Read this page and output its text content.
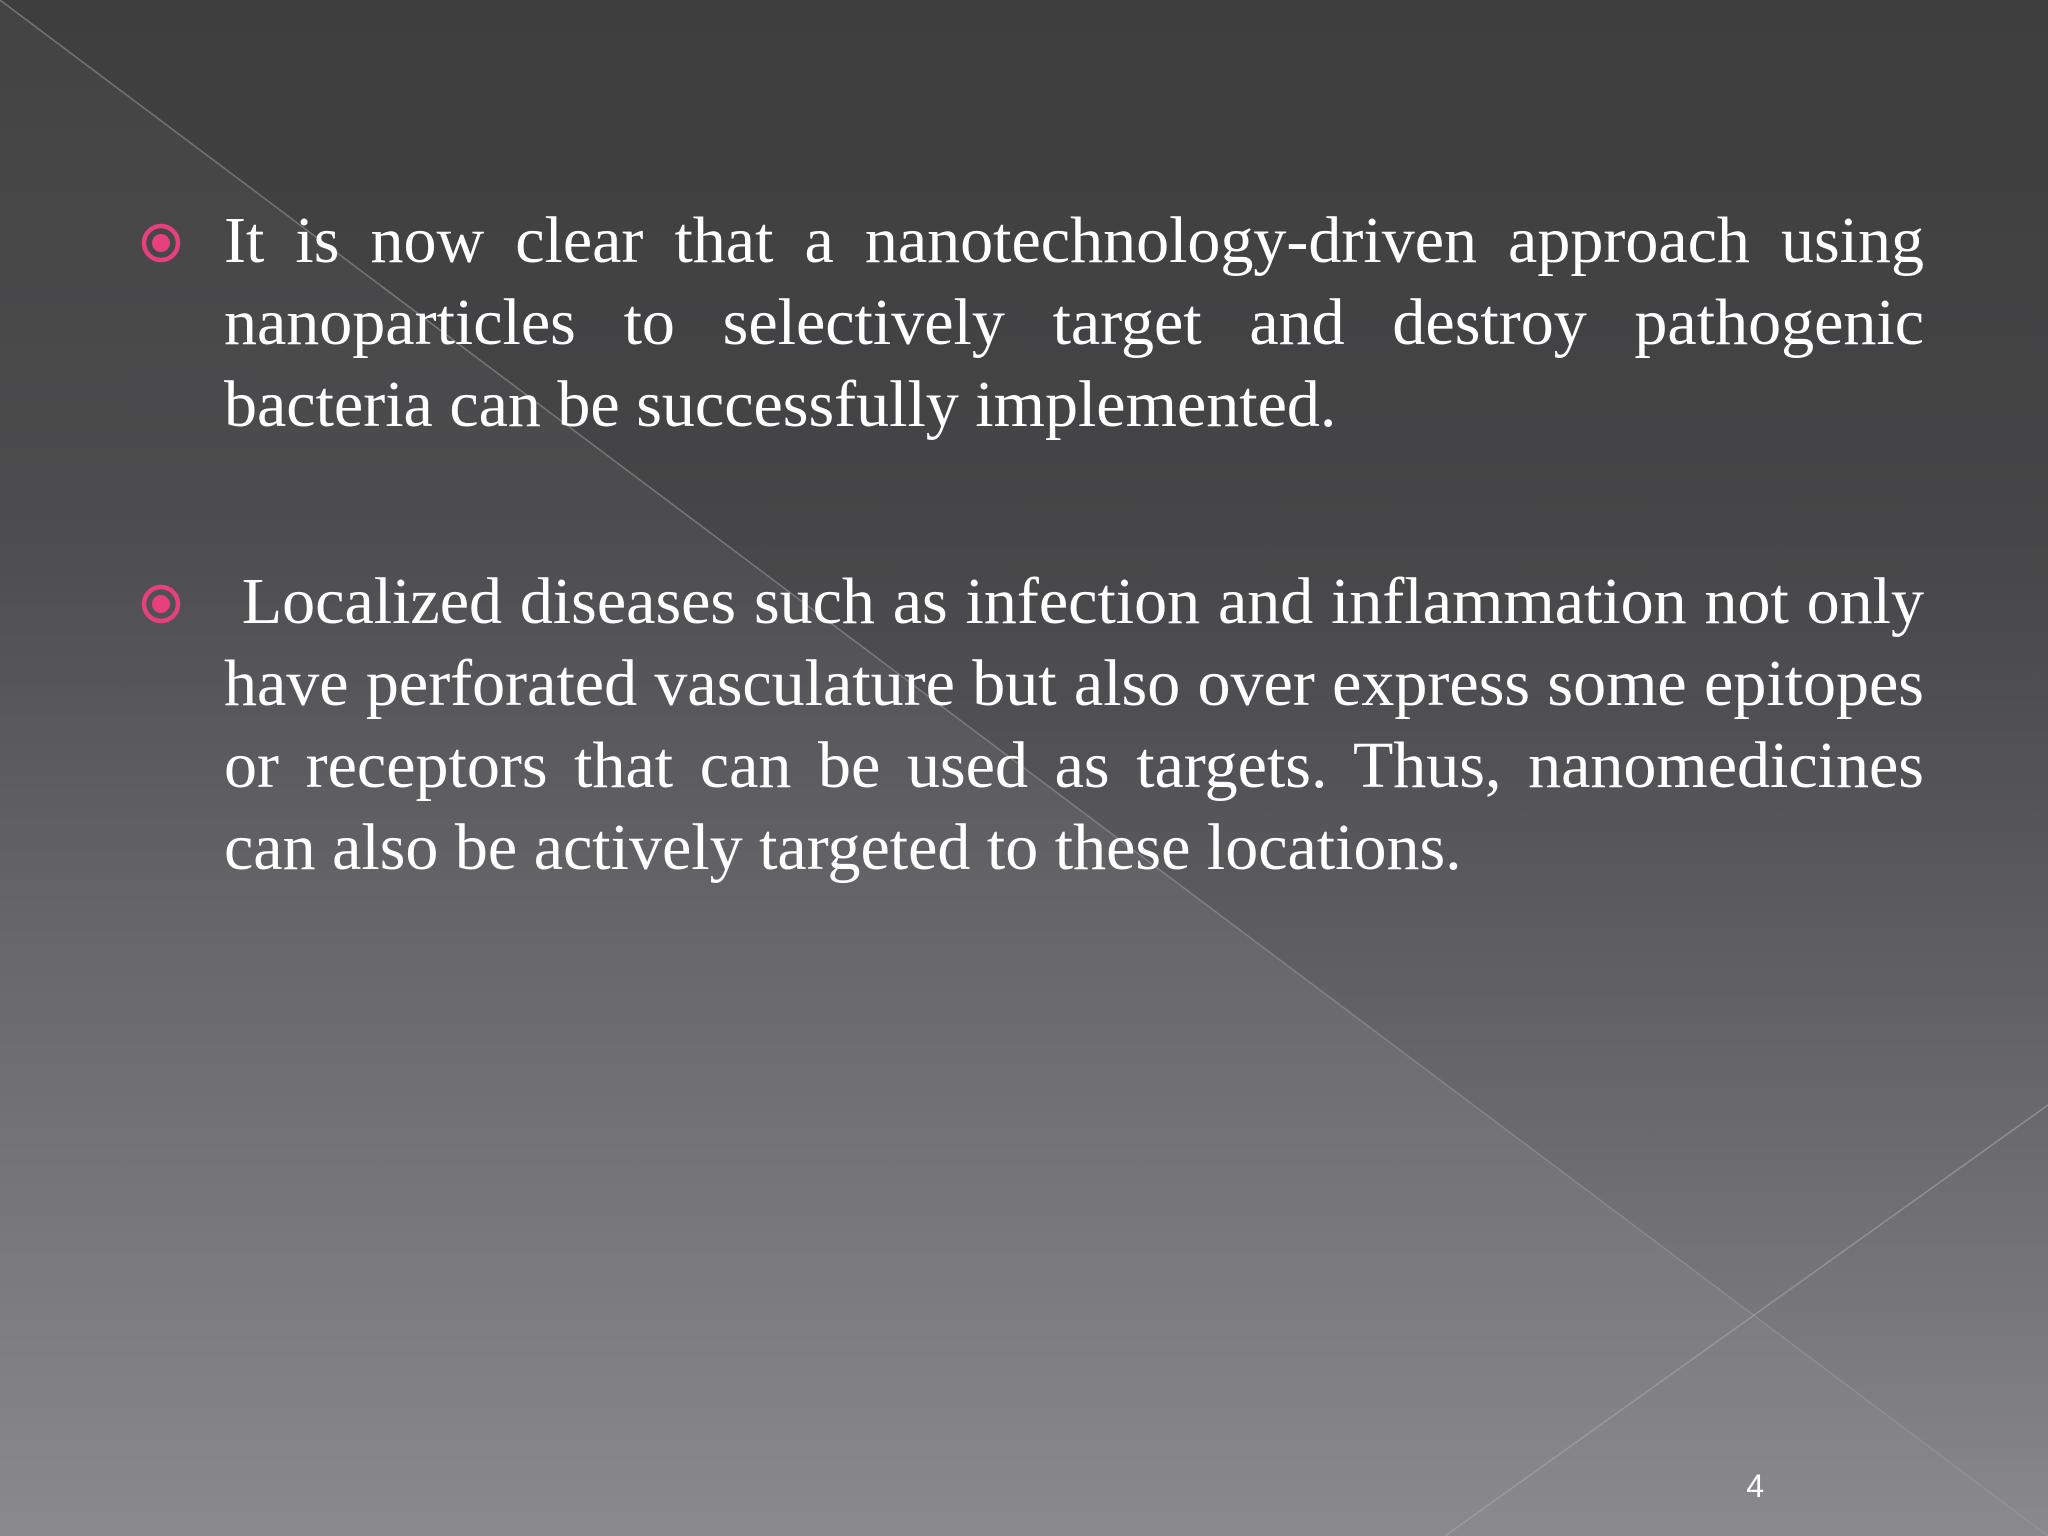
It is now clear that a nanotechnology-driven approach using nanoparticles to selectively target and destroy pathogenic bacteria can be successfully implemented.
Localized diseases such as infection and inflammation not only have perforated vasculature but also over express some epitopes or receptors that can be used as targets. Thus, nanomedicines can also be actively targeted to these locations.
4
